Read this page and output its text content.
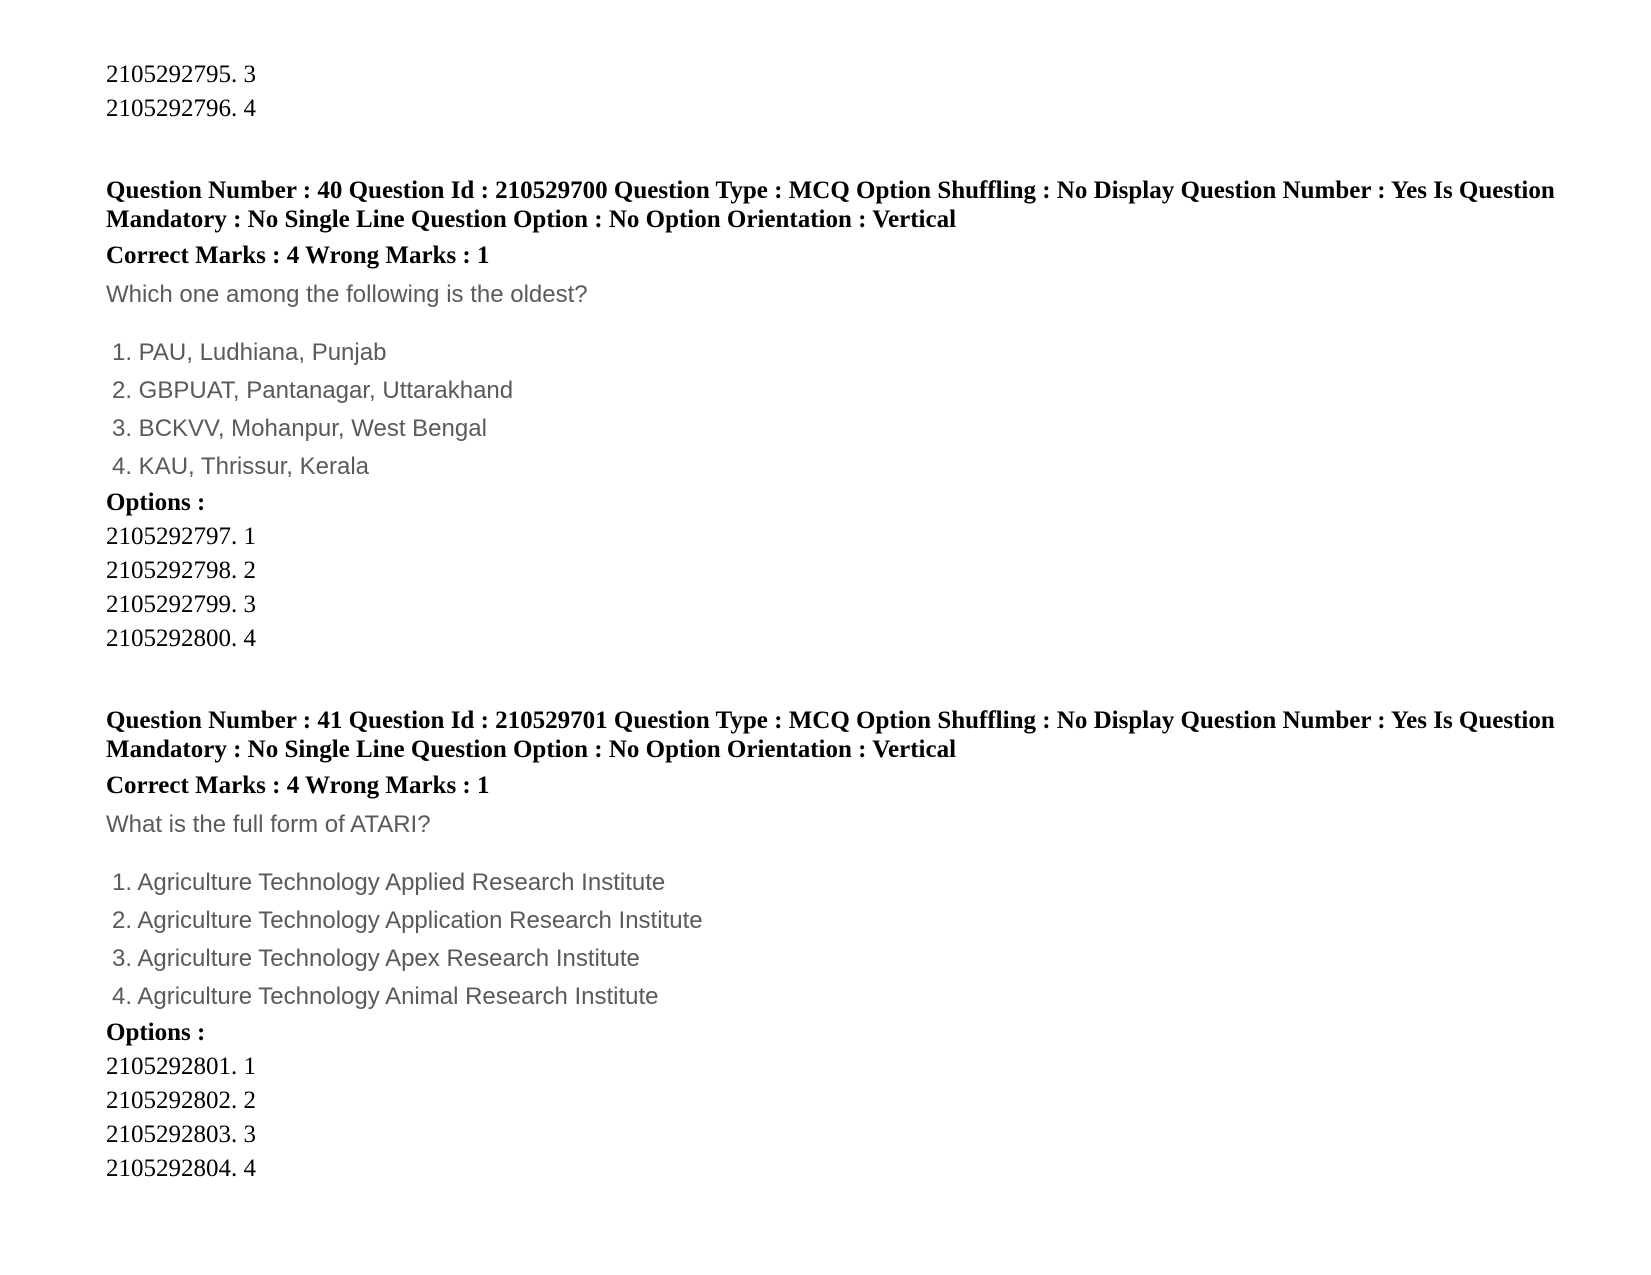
2105292795. 3
2105292796. 4

Question Number : 40 Question Id : 210529700 Question Type : MCQ Option Shuffling : No Display Question Number : Yes Is Question Mandatory : No Single Line Question Option : No Option Orientation : Vertical

Correct Marks : 4 Wrong Marks : 1
Which one among the following is the oldest?
1. PAU, Ludhiana, Punjab
2. GBPUAT, Pantanagar, Uttarakhand
3. BCKVV, Mohanpur, West Bengal
4. KAU, Thrissur, Kerala
Options :
2105292797. 1
2105292798. 2
2105292799. 3
2105292800. 4

Question Number : 41 Question Id : 210529701 Question Type : MCQ Option Shuffling : No Display Question Number : Yes Is Question Mandatory : No Single Line Question Option : No Option Orientation : Vertical

Correct Marks : 4 Wrong Marks : 1
What is the full form of ATARI?
1. Agriculture Technology Applied Research Institute
2. Agriculture Technology Application Research Institute
3. Agriculture Technology Apex Research Institute
4. Agriculture Technology Animal Research Institute
Options :
2105292801. 1
2105292802. 2
2105292803. 3
2105292804. 4
